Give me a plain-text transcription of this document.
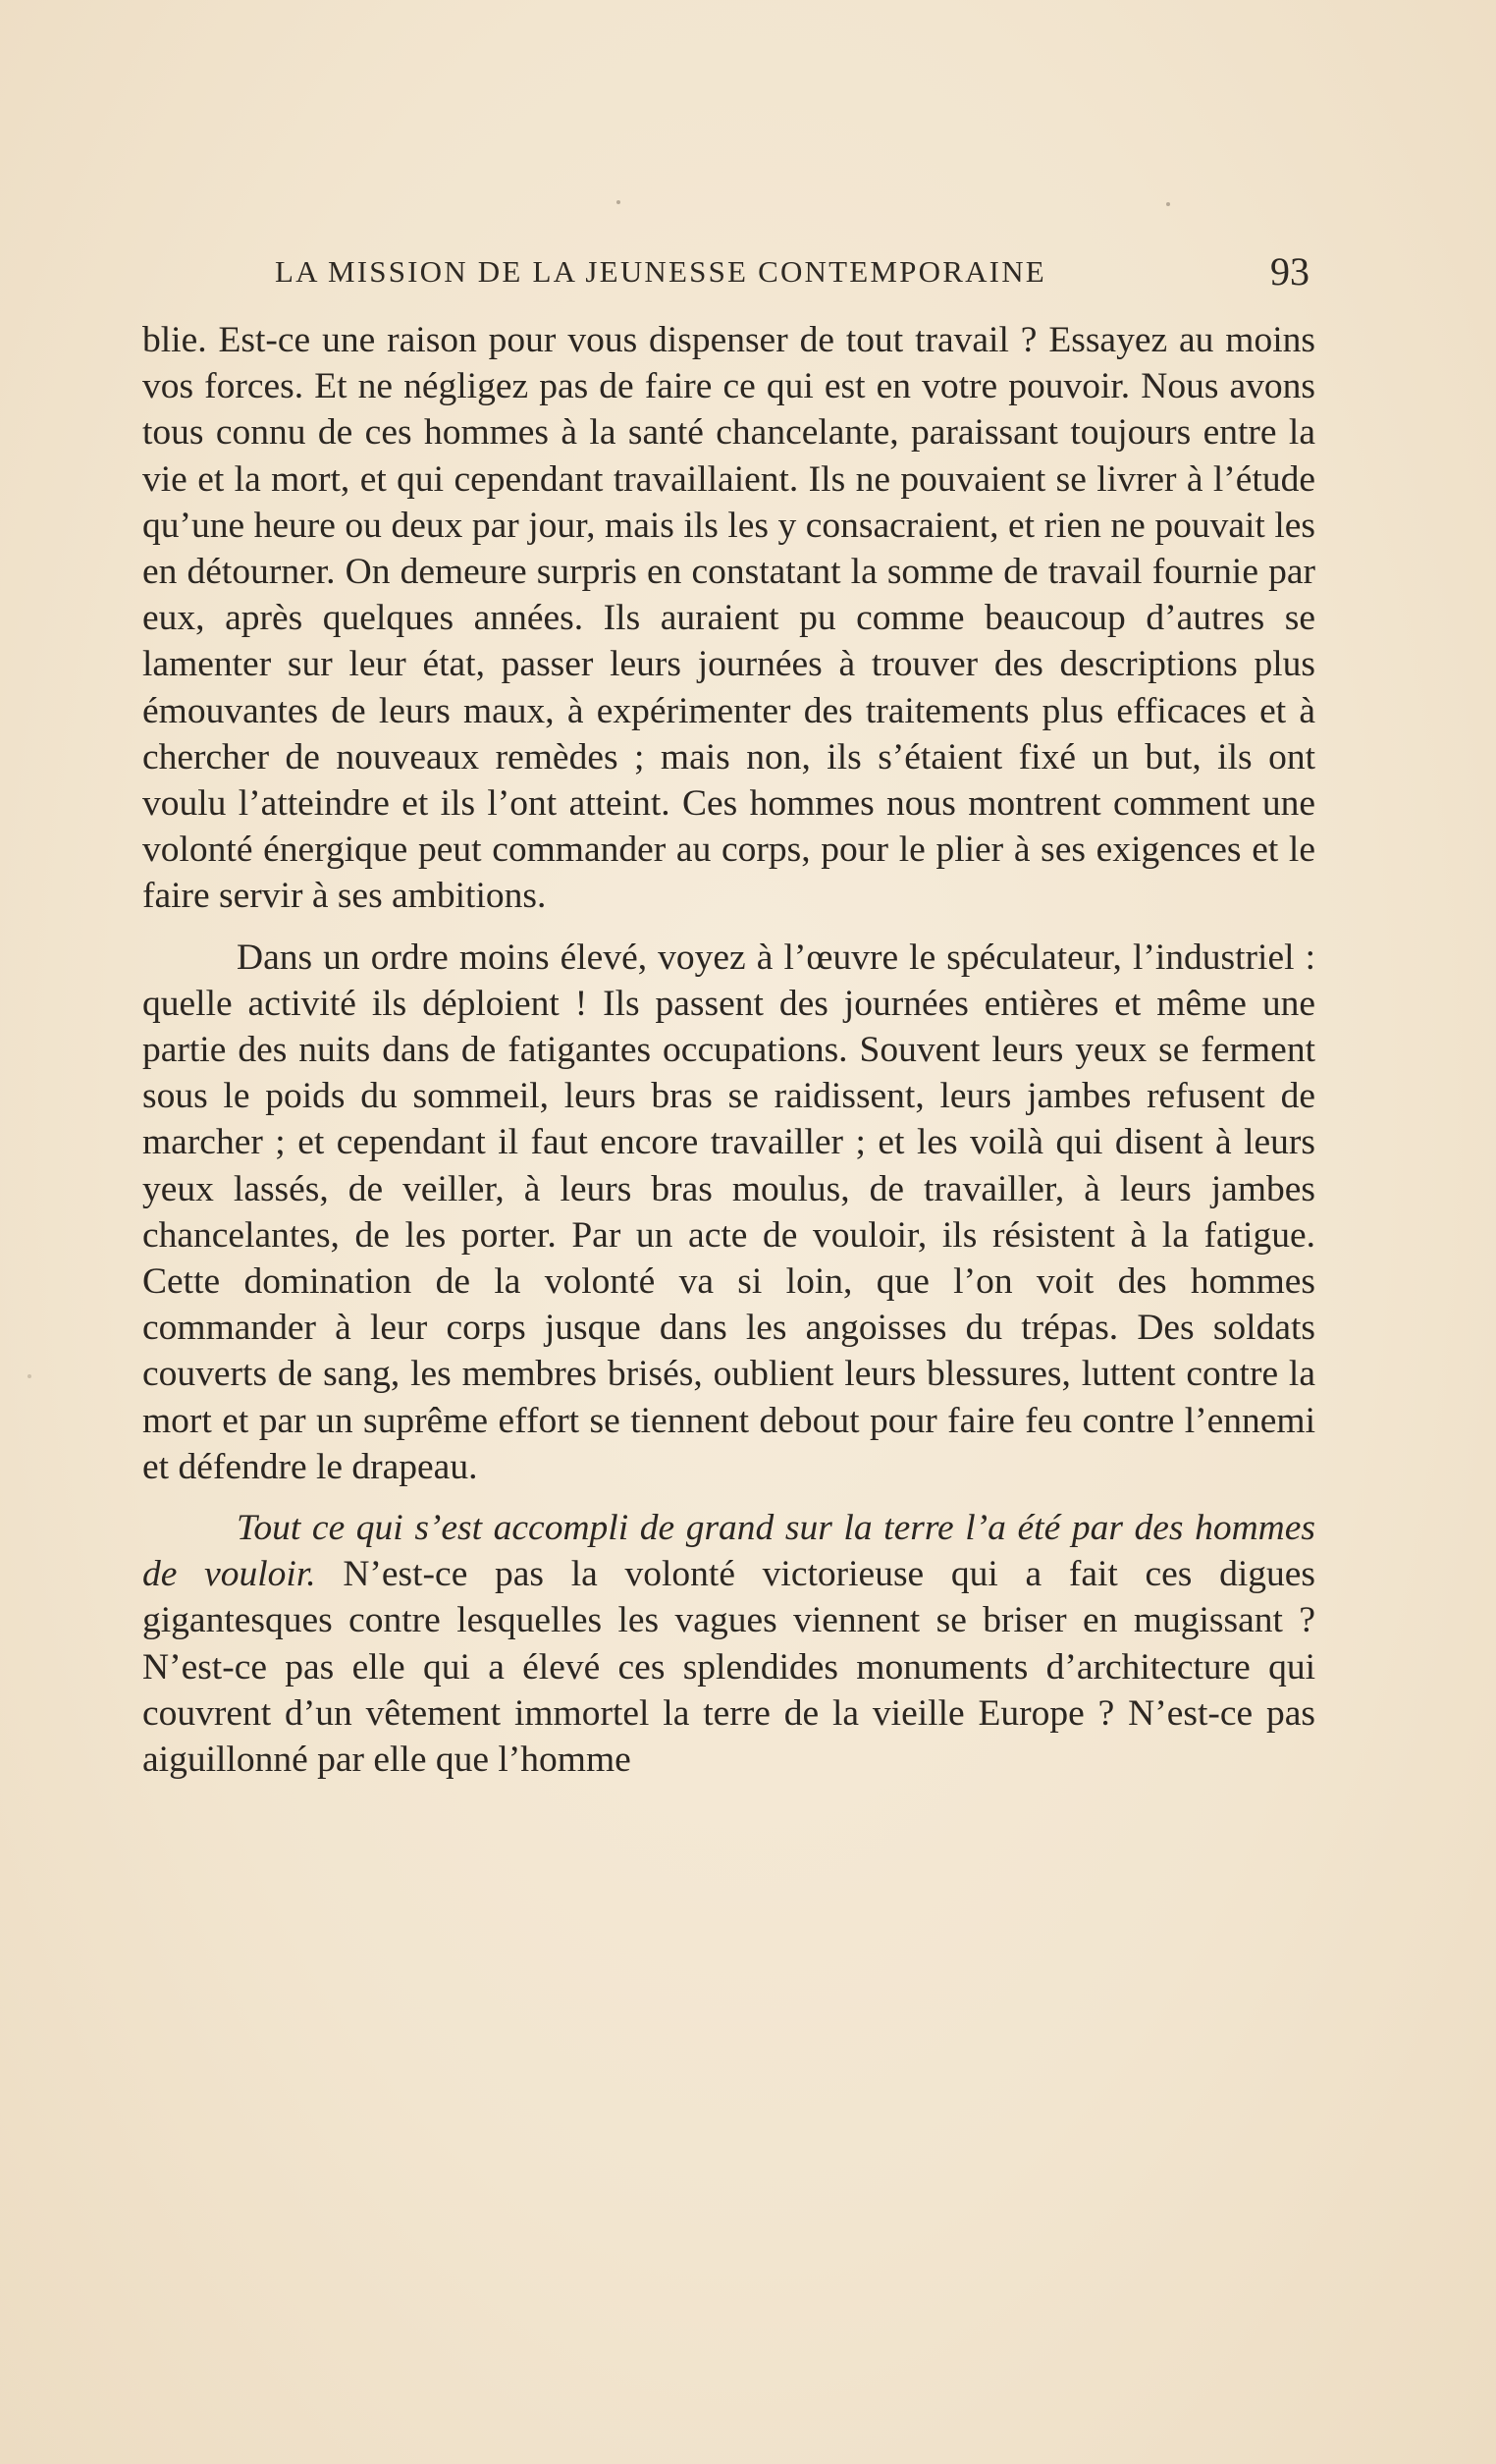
LA MISSION DE LA JEUNESSE CONTEMPORAINE	93

blie. Est-ce une raison pour vous dispenser de tout travail ? Essayez au moins vos forces. Et ne négligez pas de faire ce qui est en votre pouvoir. Nous avons tous connu de ces hommes à la santé chancelante, paraissant toujours entre la vie et la mort, et qui cependant travaillaient. Ils ne pouvaient se livrer à l’étude qu’une heure ou deux par jour, mais ils les y consacraient, et rien ne pouvait les en détourner. On demeure surpris en constatant la somme de travail fournie par eux, après quelques années. Ils auraient pu comme beaucoup d’autres se lamenter sur leur état, passer leurs journées à trouver des descriptions plus émouvantes de leurs maux, à expérimenter des traitements plus efficaces et à chercher de nouveaux remèdes ; mais non, ils s’étaient fixé un but, ils ont voulu l’atteindre et ils l’ont atteint. Ces hommes nous montrent comment une volonté énergique peut commander au corps, pour le plier à ses exigences et le faire servir à ses ambitions.

Dans un ordre moins élevé, voyez à l’œuvre le spéculateur, l’industriel : quelle activité ils déploient ! Ils passent des journées entières et même une partie des nuits dans de fatigantes occupations. Souvent leurs yeux se ferment sous le poids du sommeil, leurs bras se raidissent, leurs jambes refusent de marcher ; et cependant il faut encore travailler ; et les voilà qui disent à leurs yeux lassés, de veiller, à leurs bras moulus, de travailler, à leurs jambes chancelantes, de les porter. Par un acte de vouloir, ils résistent à la fatigue. Cette domination de la volonté va si loin, que l’on voit des hommes commander à leur corps jusque dans les angoisses du trépas. Des soldats couverts de sang, les membres brisés, oublient leurs blessures, luttent contre la mort et par un suprême effort se tiennent debout pour faire feu contre l’ennemi et défendre le drapeau.

Tout ce qui s’est accompli de grand sur la terre l’a été par des hommes de vouloir. N’est-ce pas la volonté victorieuse qui a fait ces digues gigantesques contre lesquelles les vagues viennent se briser en mugissant ? N’est-ce pas elle qui a élevé ces splendides monuments d’architecture qui couvrent d’un vêtement immortel la terre de la vieille Europe ? N’est-ce pas aiguillonné par elle que l’homme
